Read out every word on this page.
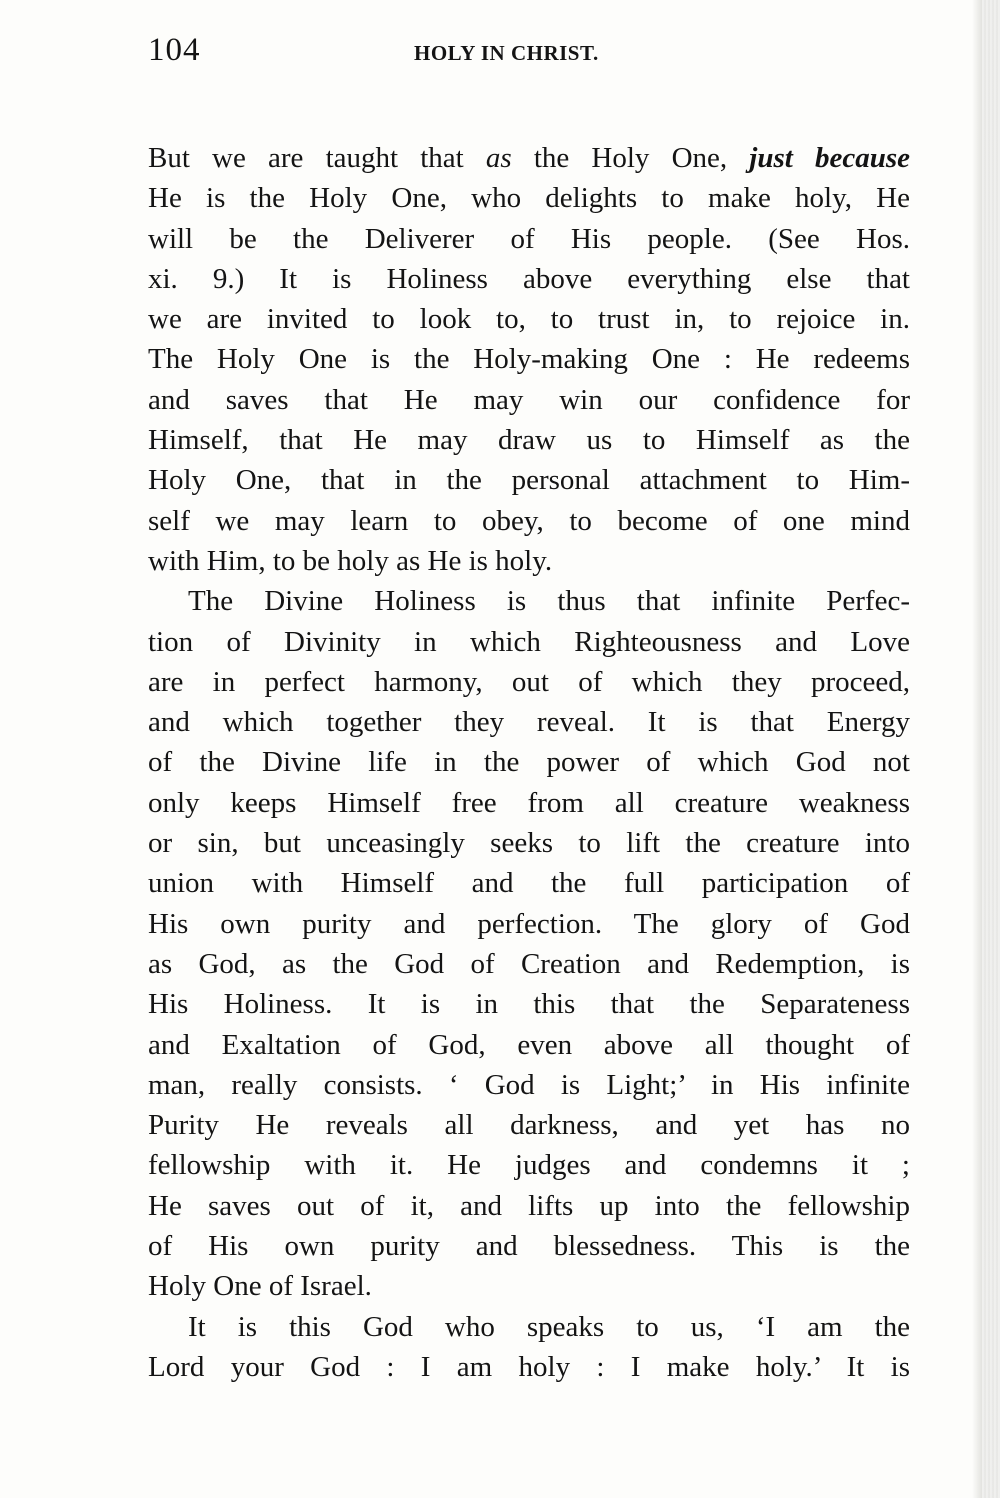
104	HOLY IN CHRIST.
But we are taught that as the Holy One, just because
He is the Holy One, who delights to make holy, He
will be the Deliverer of His people. (See Hos.
xi. 9.) It is Holiness above everything else that
we are invited to look to, to trust in, to rejoice in.
The Holy One is the Holy-making One : He redeems
and saves that He may win our confidence for
Himself, that He may draw us to Himself as the
Holy One, that in the personal attachment to Him-
self we may learn to obey, to become of one mind
with Him, to be holy as He is holy.
The Divine Holiness is thus that infinite Perfec-
tion of Divinity in which Righteousness and Love
are in perfect harmony, out of which they proceed,
and which together they reveal. It is that Energy
of the Divine life in the power of which God not
only keeps Himself free from all creature weakness
or sin, but unceasingly seeks to lift the creature into
union with Himself and the full participation of
His own purity and perfection. The glory of God
as God, as the God of Creation and Redemption, is
His Holiness. It is in this that the Separateness
and Exaltation of God, even above all thought of
man, really consists. ‘ God is Light;’ in His infinite
Purity He reveals all darkness, and yet has no
fellowship with it. He judges and condemns it ;
He saves out of it, and lifts up into the fellowship
of His own purity and blessedness. This is the
Holy One of Israel.
It is this God who speaks to us, ‘I am the
Lord your God : I am holy : I make holy.’ It is
